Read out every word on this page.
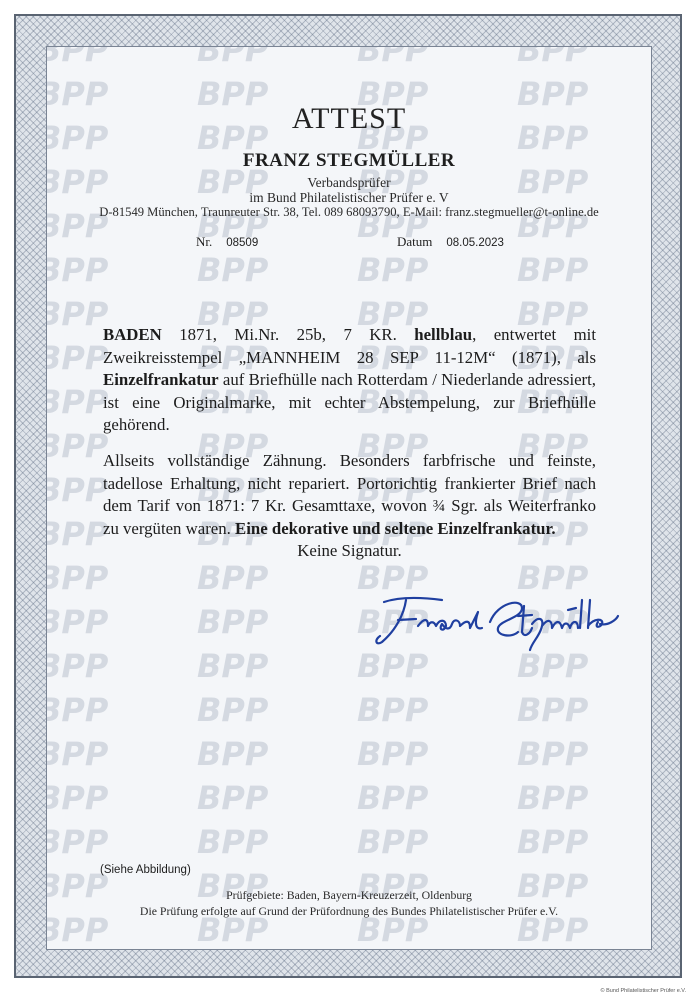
ATTEST
FRANZ STEGMÜLLER
Verbandsprüfer
im Bund Philatelistischer Prüfer e. V
D-81549 München, Traunreuter Str. 38, Tel. 089 68093790, E-Mail: franz.stegmueller@t-online.de
Nr. 08509	Datum 08.05.2023
BADEN 1871, Mi.Nr. 25b, 7 KR. hellblau, entwertet mit Zweikreisstempel „MANNHEIM 28 SEP 11-12M“ (1871), als Einzelfrankatur auf Briefhülle nach Rotterdam / Niederlande adressiert, ist eine Originalmarke, mit echter Abstempelung, zur Briefhülle gehörend.
Allseits vollständige Zähnung. Besonders farbfrische und feinste, tadellose Erhaltung, nicht repariert. Portorichtig frankierter Brief nach dem Tarif von 1871: 7 Kr. Gesamttaxe, wovon ¾ Sgr. als Weiterfranko zu vergüten waren. Eine dekorative und seltene Einzelfrankatur.
Keine Signatur.
(Siehe Abbildung)
Prüfgebiete: Baden, Bayern-Kreuzerzeit, Oldenburg
Die Prüfung erfolgte auf Grund der Prüfordnung des Bundes Philatelistischer Prüfer e.V.
© Bund Philatelistischer Prüfer e.V.
